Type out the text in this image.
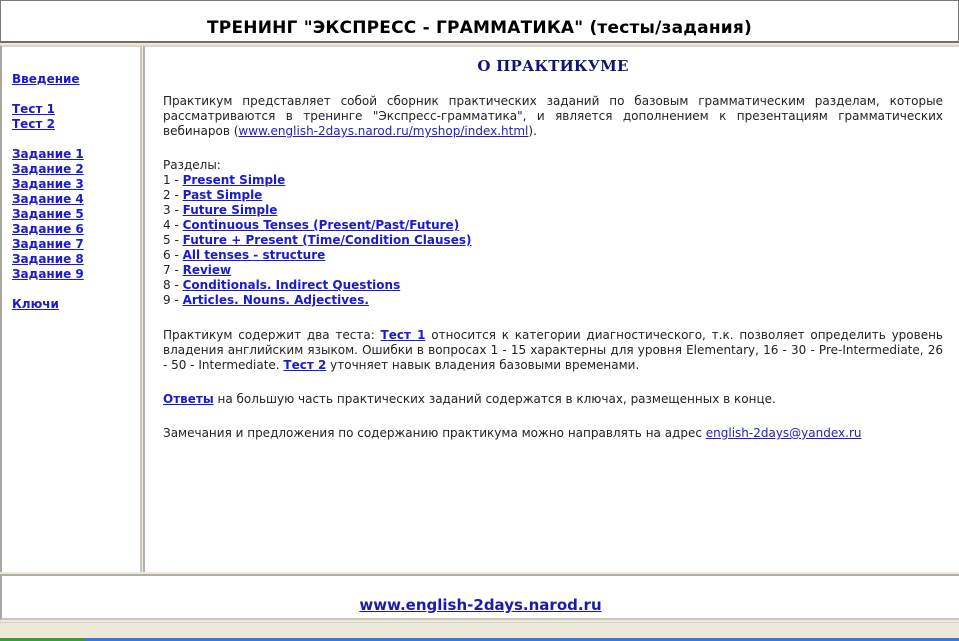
ТРЕНИНГ "ЭКСПРЕСС - ГРАММАТИКА" (тесты/задания)
Введение
Тест 1
Тест 2
Задание 1
Задание 2
Задание 3
Задание 4
Задание 5
Задание 6
Задание 7
Задание 8
Задание 9
Ключи
О ПРАКТИКУМЕ

Практикум представляет собой сборник практических заданий по базовым грамматическим разделам, которые рассматриваются в тренинге "Экспресс-грамматика", и является дополнением к презентациям грамматических вебинаров (www.english-2days.narod.ru/myshop/index.html).

Разделы:
1 - Present Simple
2 - Past Simple
3 - Future Simple
4 - Continuous Tenses (Present/Past/Future)
5 - Future + Present (Time/Condition Clauses)
6 - All tenses - structure
7 - Review
8 - Conditionals. Indirect Questions
9 - Articles. Nouns. Adjectives.

Практикум содержит два теста: Тест 1 относится к категории диагностического, т.к. позволяет определить уровень владения английским языком. Ошибки в вопросах 1 - 15 характерны для уровня Elementary, 16 - 30 - Pre-Intermediate, 26 - 50 - Intermediate. Тест 2 уточняет навык владения базовыми временами.

Ответы на большую часть практических заданий содержатся в ключах, размещенных в конце.

Замечания и предложения по содержанию практикума можно направлять на адрес english-2days@yandex.ru

www.english-2days.narod.ru
